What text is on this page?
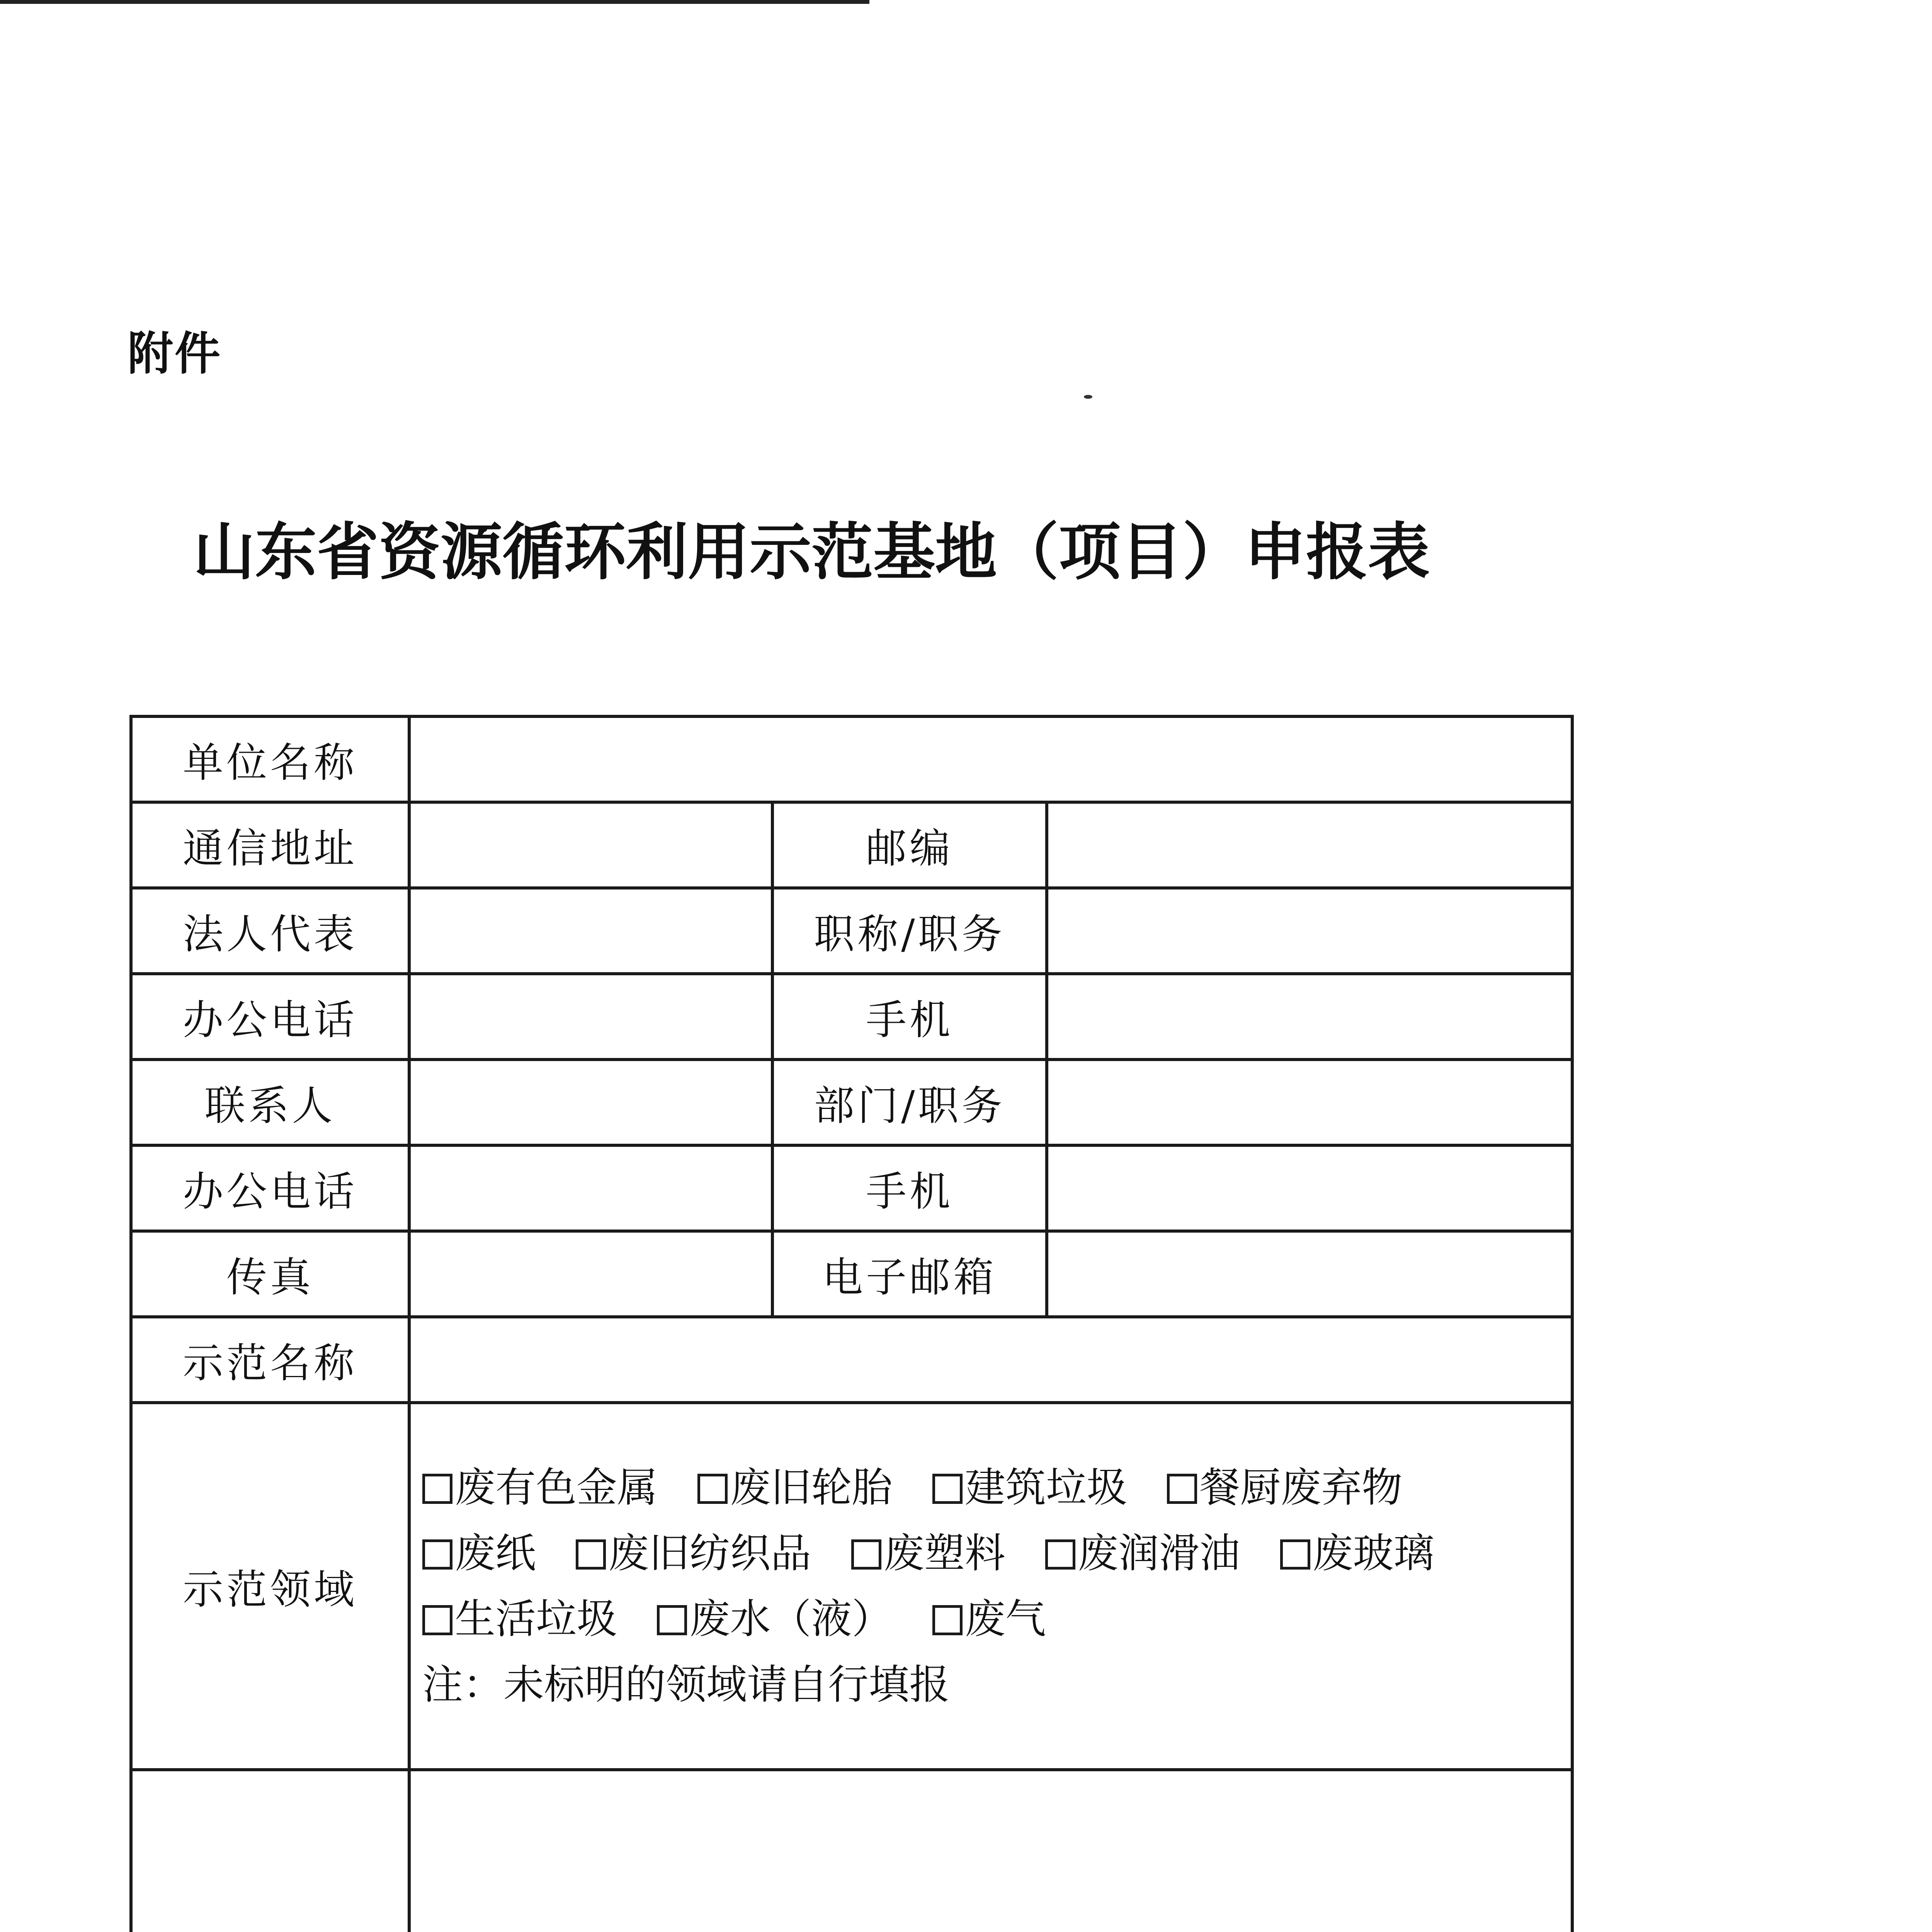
附件
山东省资源循环利用示范基地（项目）申报表
单位名称			
通信地址		邮编	
法人代表		职称/职务	
办公电话		手机	
联系人		部门/职务	
办公电话		手机	
传真		电子邮箱	
示范名称			
示范领域	废有色金属 废旧轮胎 建筑垃圾 餐厨废弃物 废纸 废旧纺织品 废塑料 废润滑油 废玻璃 生活垃圾 废水（液） 废气
注：未标明的领域请自行填报		
